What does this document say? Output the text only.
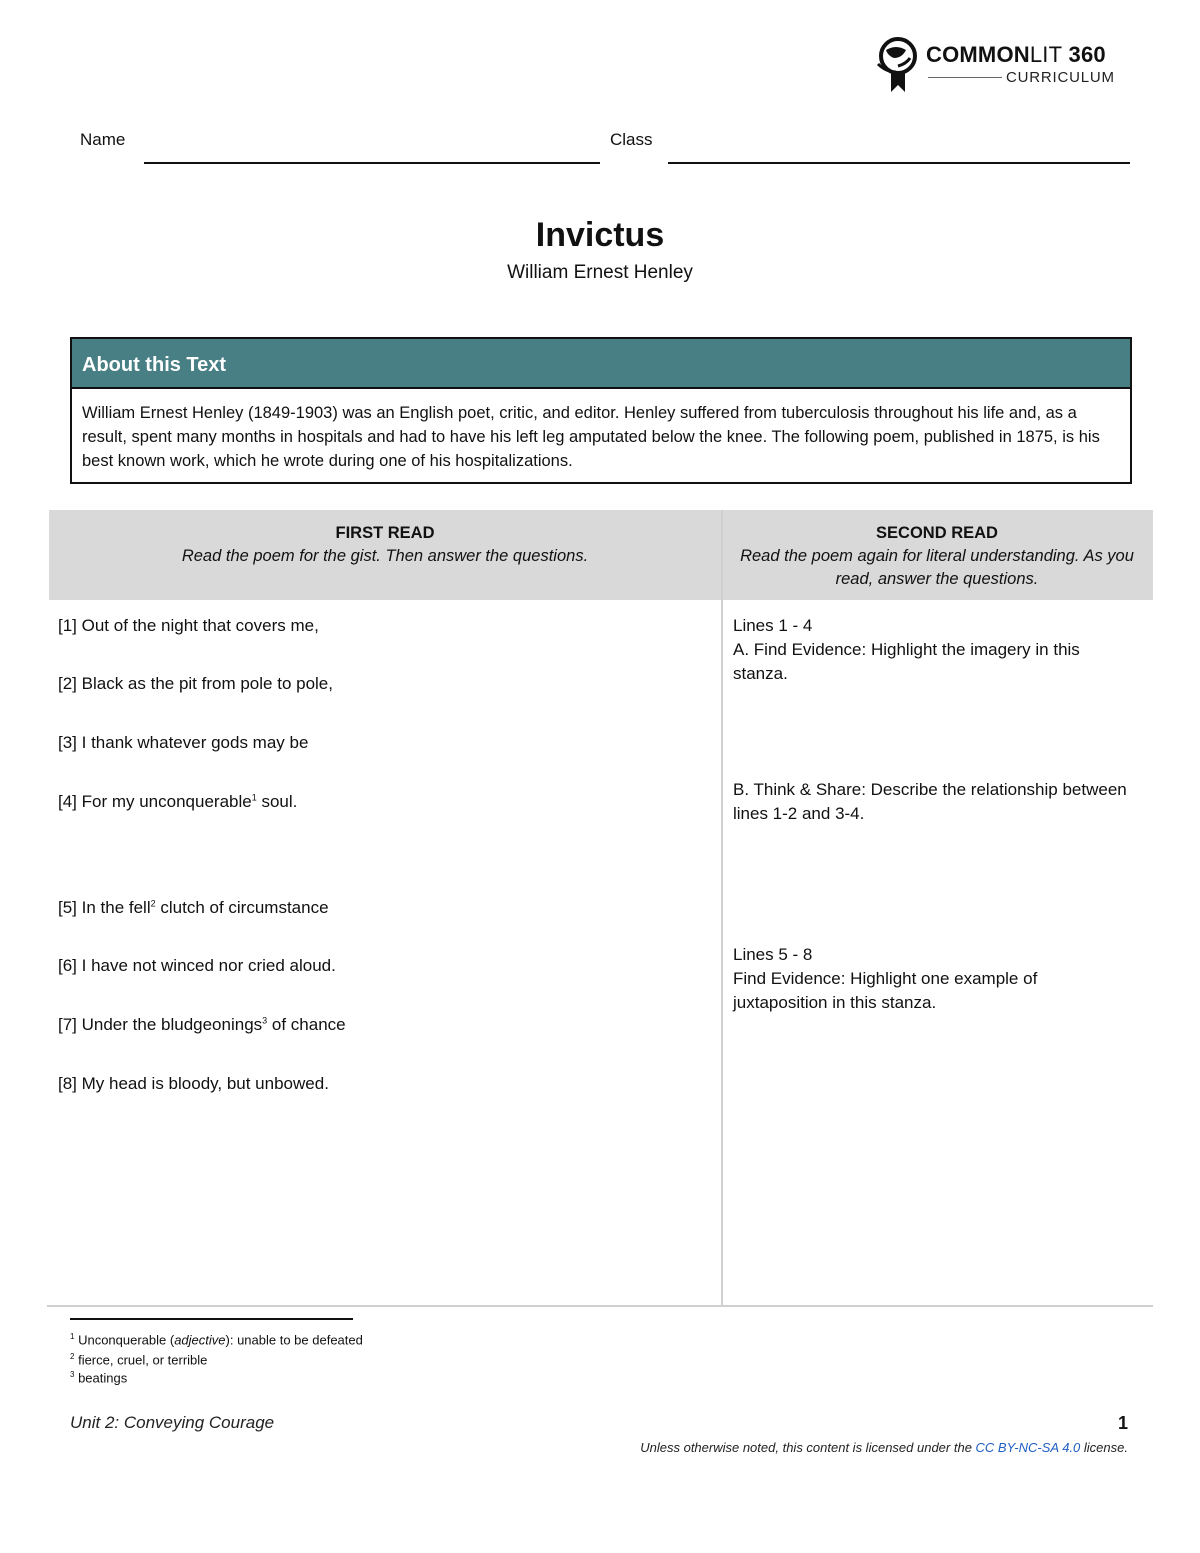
COMMONLIT 360
CURRICULUM
Name	Class
Invictus
William Ernest Henley
About this Text
William Ernest Henley (1849-1903) was an English poet, critic, and editor. Henley suffered from tuberculosis throughout his life and, as a result, spent many months in hospitals and had to have his left leg amputated below the knee. The following poem, published in 1875, is his best known work, which he wrote during one of his hospitalizations.
FIRST READ
Read the poem for the gist. Then answer the questions.
SECOND READ
Read the poem again for literal understanding. As you read, answer the questions.
[1] Out of the night that covers me,
[2] Black as the pit from pole to pole,
[3] I thank whatever gods may be
[4] For my unconquerable$^1$ soul.
[5] In the fell$^2$ clutch of circumstance
[6] I have not winced nor cried aloud.
[7] Under the bludgeonings$^3$ of chance
[8] My head is bloody, but unbowed.
Lines 1 - 4
A. Find Evidence: Highlight the imagery in this stanza.
B. Think & Share: Describe the relationship between lines 1-2 and 3-4.
Lines 5 - 8
Find Evidence: Highlight one example of juxtaposition in this stanza.
$^1$ Unconquerable (adjective): unable to be defeated
$^2$ fierce, cruel, or terrible
$^3$ beatings
Unit 2: Conveying Courage	1
Unless otherwise noted, this content is licensed under the CC BY-NC-SA 4.0 license.
